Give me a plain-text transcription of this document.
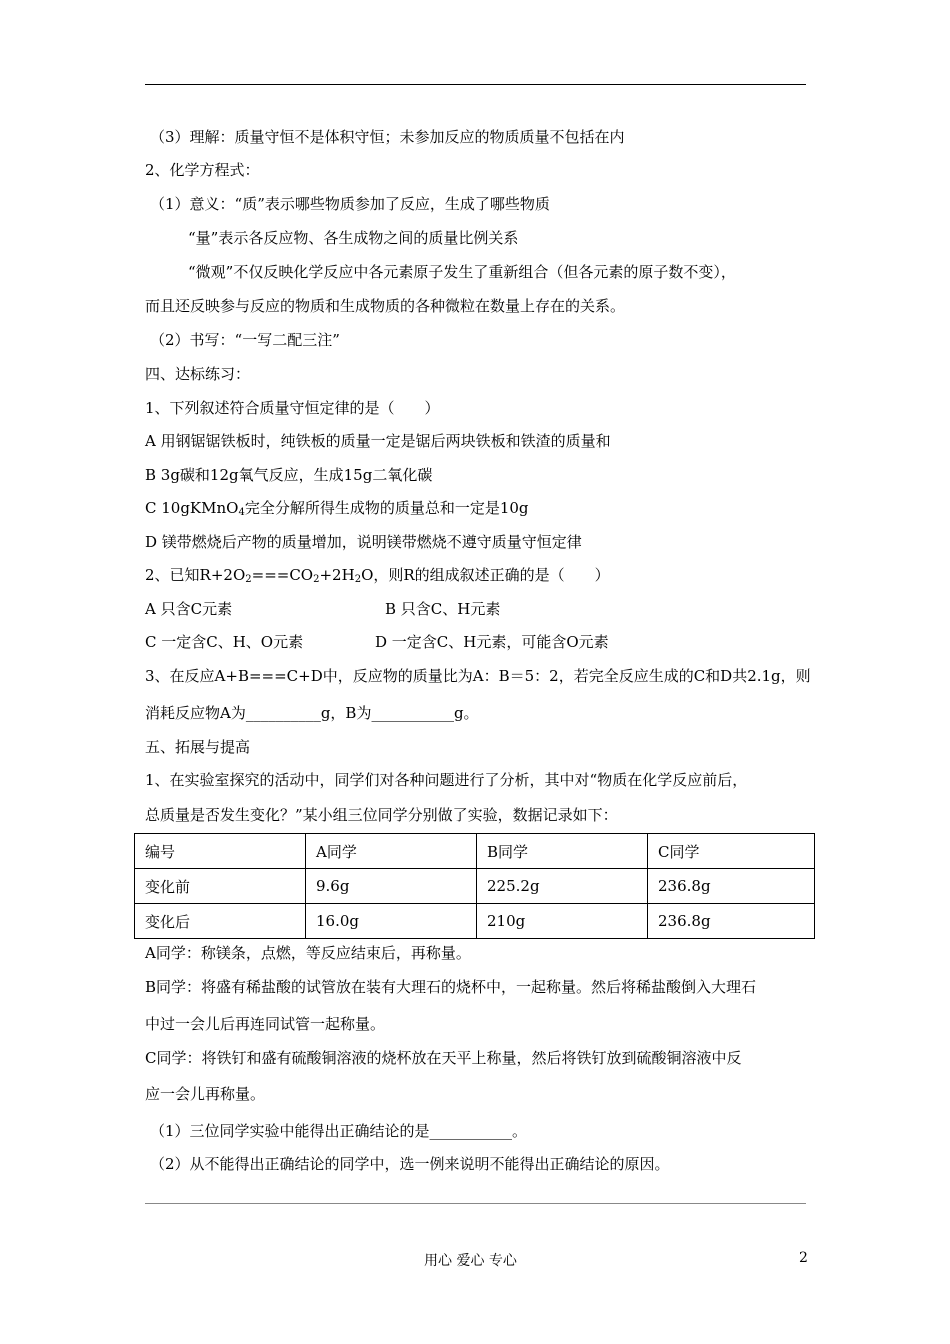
（3）理解：质量守恒不是体积守恒；未参加反应的物质质量不包括在内
2、化学方程式：
（1）意义：“质”表示哪些物质参加了反应，生成了哪些物质
“量”表示各反应物、各生成物之间的质量比例关系
“微观”不仅反映化学反应中各元素原子发生了重新组合（但各元素的原子数不变），
而且还反映参与反应的物质和生成物质的各种微粒在数量上存在的关系。
（2）书写：“一写二配三注”
四、达标练习：
1、下列叙述符合质量守恒定律的是（　　）
A 用钢锯锯铁板时，纯铁板的质量一定是锯后两块铁板和铁渣的质量和
B 3g碳和12g氧气反应，生成15g二氧化碳
C 10gKMnO$_4$完全分解所得生成物的质量总和一定是10g
D 镁带燃烧后产物的质量增加，说明镁带燃烧不遵守质量守恒定律
2、已知$R+2O_2===CO_2+2H_2O$，则R的组成叙述正确的是（　　）
A 只含C元素	B 只含C、H元素
C 一定含C、H、O元素	D 一定含C、H元素，可能含O元素
3、在反应A+B===C+D中，反应物的质量比为A：B＝5：2，若完全反应生成的C和D共2.1g，则
消耗反应物A为__________g，B为___________g。
五、拓展与提高
1、在实验室探究的活动中，同学们对各种问题进行了分析，其中对“物质在化学反应前后，
总质量是否发生变化？”某小组三位同学分别做了实验，数据记录如下：
编号	A同学	B同学	C同学
变化前	9.6g	225.2g	236.8g
变化后	16.0g	210g	236.8g
A同学：称镁条，点燃，等反应结束后，再称量。
B同学：将盛有稀盐酸的试管放在装有大理石的烧杯中，一起称量。然后将稀盐酸倒入大理石
中过一会儿后再连同试管一起称量。
C同学：将铁钉和盛有硫酸铜溶液的烧杯放在天平上称量，然后将铁钉放到硫酸铜溶液中反
应一会儿再称量。
（1）三位同学实验中能得出正确结论的是___________。
（2）从不能得出正确结论的同学中，选一例来说明不能得出正确结论的原因。
用心 爱心 专心	2
